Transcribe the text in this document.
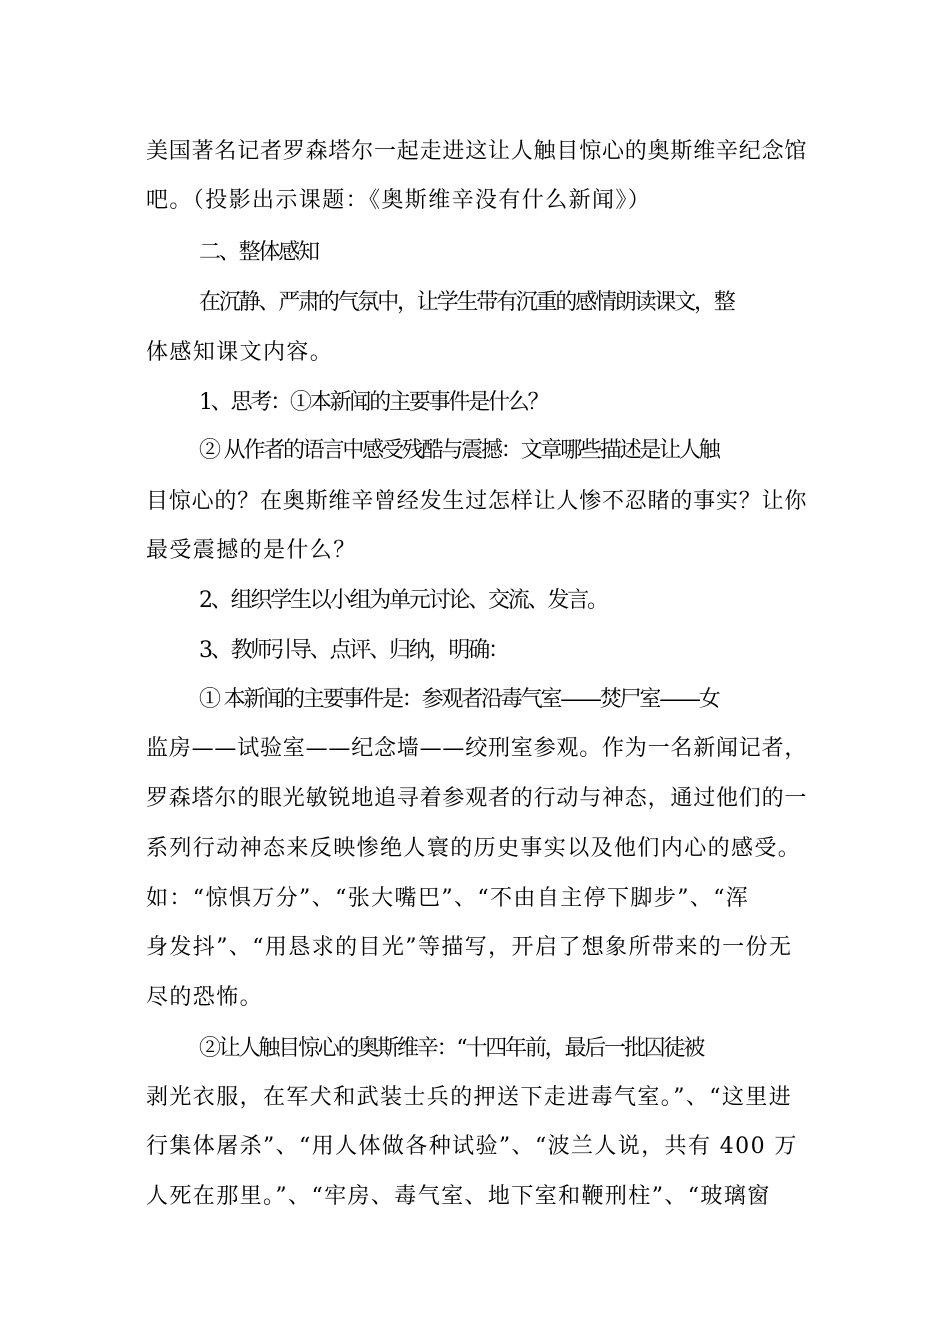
美国著名记者罗森塔尔一起走进这让人触目惊心的奥斯维辛纪念馆
吧。（投影出示课题：《奥斯维辛没有什么新闻》）
二、整体感知
在沉静、严肃的气氛中，让学生带有沉重的感情朗读课文，整
体感知课文内容。
1、思考：①本新闻的主要事件是什么？
② 从作者的语言中感受残酷与震撼：文章哪些描述是让人触
目惊心的？在奥斯维辛曾经发生过怎样让人惨不忍睹的事实？让你
最受震撼的是什么？
2、组织学生以小组为单元讨论、交流、发言。
3、教师引导、点评、归纳，明确：
① 本新闻的主要事件是：参观者沿毒气室——焚尸室——女
监房——试验室——纪念墙——绞刑室参观。作为一名新闻记者，
罗森塔尔的眼光敏锐地追寻着参观者的行动与神态，通过他们的一
系列行动神态来反映惨绝人寰的历史事实以及他们内心的感受。
如：“惊惧万分”、“张大嘴巴”、“不由自主停下脚步”、“浑
身发抖”、“用恳求的目光”等描写，开启了想象所带来的一份无
尽的恐怖。
②让人触目惊心的奥斯维辛：“十四年前，最后一批囚徒被
剥光衣服，在军犬和武装士兵的押送下走进毒气室。”、“这里进
行集体屠杀”、“用人体做各种试验”、“波兰人说，共有 400 万
人死在那里。”、“牢房、毒气室、地下室和鞭刑柱”、“玻璃窗
